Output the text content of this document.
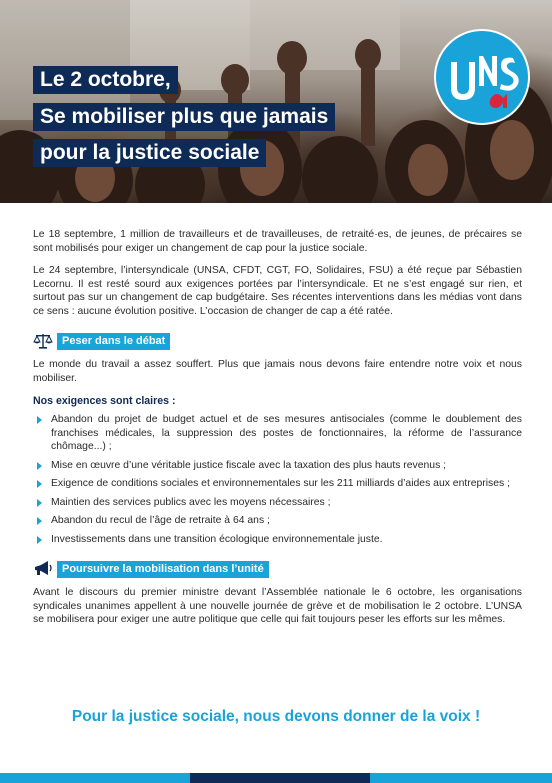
Le 2 octobre,
Se mobiliser plus que jamais
pour la justice sociale

Le 18 septembre, 1 million de travailleurs et de travailleuses, de retraité·es, de jeunes, de précaires se sont mobilisés pour exiger un changement de cap pour la justice sociale.

Le 24 septembre, l’intersyndicale (UNSA, CFDT, CGT, FO, Solidaires, FSU) a été reçue par Sébastien Lecornu. Il est resté sourd aux exigences portées par l’intersyndicale. Et ne s’est engagé sur rien, et surtout pas sur un changement de cap budgétaire. Ses récentes interventions dans les médias vont dans ce sens : aucune évolution positive. L’occasion de changer de cap a été ratée.

Peser dans le débat

Le monde du travail a assez souffert. Plus que jamais nous devons faire entendre notre voix et nous mobiliser.

Nos exigences sont claires :
Abandon du projet de budget actuel et de ses mesures antisociales (comme le doublement des franchises médicales, la suppression des postes de fonctionnaires, la réforme de l’assurance chômage...) ;
Mise en œuvre d’une véritable justice fiscale avec la taxation des plus hauts revenus ;
Exigence de conditions sociales et environnementales sur les 211 milliards d’aides aux entreprises ;
Maintien des services publics avec les moyens nécessaires ;
Abandon du recul de l’âge de retraite à 64 ans ;
Investissements dans une transition écologique environnementale juste.
Poursuivre la mobilisation dans l’unité

Avant le discours du premier ministre devant l’Assemblée nationale le 6 octobre, les organisations syndicales unanimes appellent à une nouvelle journée de grève et de mobilisation le 2 octobre. L’UNSA se mobilisera pour exiger une autre politique que celle qui fait toujours peser les efforts sur les mêmes.

Pour la justice sociale, nous devons donner de la voix !
